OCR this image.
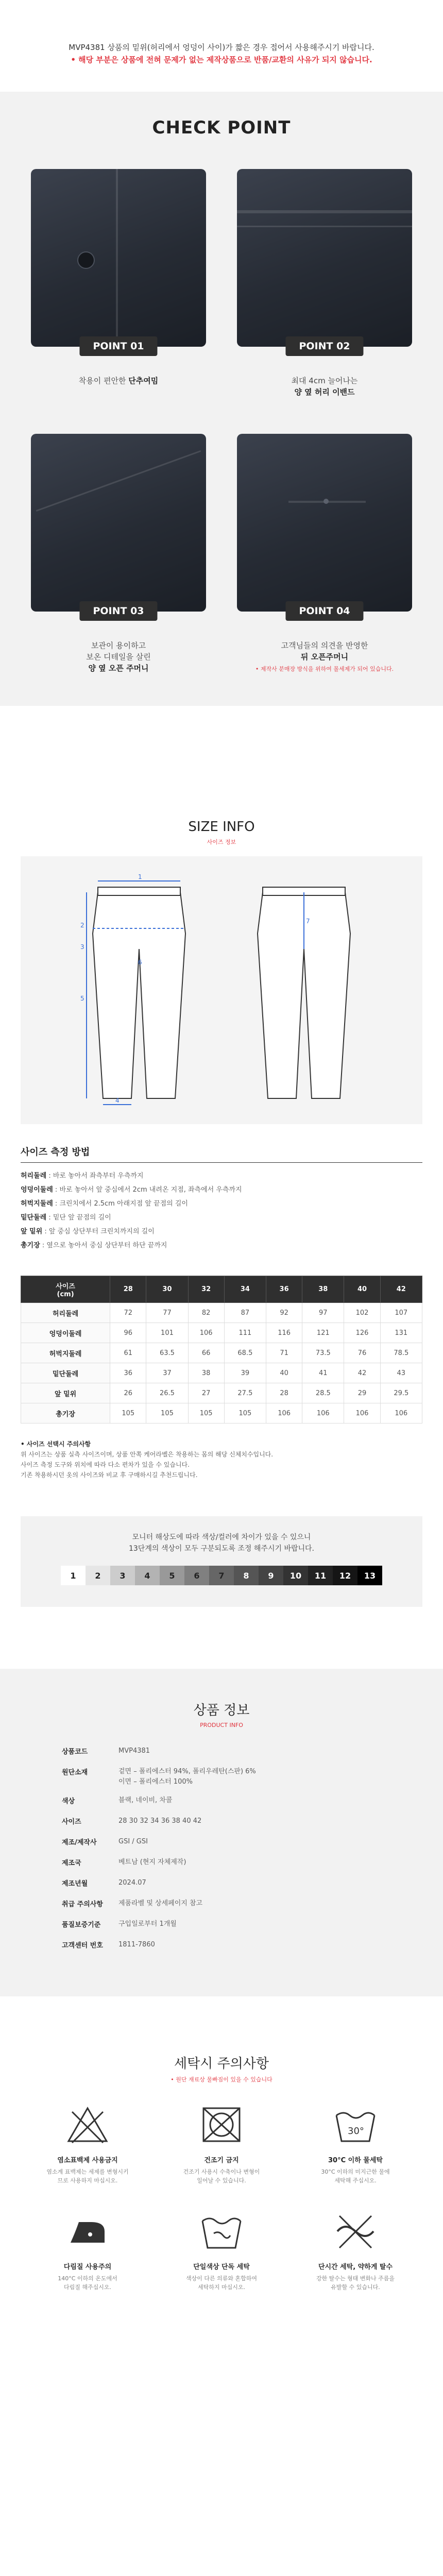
MVP4381 상품의 밑위(허리에서 엉덩이 사이)가 짧은 경우 접어서 사용해주시기 바랍니다.

• 해당 부분은 상품에 전혀 문제가 없는 제작상품으로 반품/교환의 사유가 되지 않습니다.

CHECK POINT
POINT 01
착용이 편안한 단추여밈
POINT 02
최대 4cm 늘어나는
양 옆 허리 이밴드
POINT 03
보관이 용이하고
보온 디테일을 살린
양 옆 오픈 주머니
POINT 04
고객님들의 의견을 반영한
뒤 오픈주머니
• 제작사 분매장 방식을 위하여 몰세제가 되어 있습니다.
SIZE INFO
사이즈 정보
1
2
3
4
5
6
7
사이즈 측정 방법

허리둘레 : 바로 놓아서 좌측부터 우측까지

엉덩이둘레 : 바로 놓아서 앞 중심에서 2cm 내려온 지점, 좌측에서 우측까지

허벅지둘레 : 크린치에서 2.5cm 아래지점 앞 끝점의 길이

밑단둘레 : 밑단 앞 끝점의 길이

앞 밑위 : 앞 중심 상단부터 크린치까지의 길이

총기장 : 옆으로 놓아서 중심 상단부터 하단 끝까지

사이즈
(cm)	28	30	32	34	36	38	40	42
허리둘레	72	77	82	87	92	97	102	107
엉덩이둘레	96	101	106	111	116	121	126	131
허벅지둘레	61	63.5	66	68.5	71	73.5	76	78.5
밑단둘레	36	37	38	39	40	41	42	43
앞 밑위	26	26.5	27	27.5	28	28.5	29	29.5
총기장	105	105	105	105	106	106	106	106
• 사이즈 선택시 주의사항
위 사이즈는 상품 실측 사이즈이며, 상품 안쪽 케어라벨은 착용하는 몸의 해당 신체치수입니다.
사이즈 측정 도구와 위치에 따라 다소 편차가 있을 수 있습니다.
기존 착용하시던 옷의 사이즈와 비교 후 구매하시길 추천드립니다.

모니터 해상도에 따라 색상/컬러에 차이가 있을 수 있으니

13단계의 색상이 모두 구분되도록 조정 해주시기 바랍니다.

1	2	3	4	5	6	7	8	9	10	11	12	13
상품 정보
PRODUCT INFO
상품코드	MVP4381
원단소재	겉면 – 폴리에스터 94%, 폴리우레탄(스판) 6%
이면 – 폴리에스터 100%
색상	블랙, 네이비, 차콜
사이즈	28 30 32 34 36 38 40 42
제조/제작사	GSI / GSI
제조국	베트남 (현지 자체제작)
제조년월	2024.07
취급 주의사항	제품라벨 및 상세페이지 참고
품질보증기준	구입일로부터 1개월
고객센터 번호	1811-7860
세탁시 주의사항
• 원단 재료상 물빠짐이 있을 수 있습니다
염소표백제 사용금지
염소계 표백제는 세제를 변형시키
므로 사용하지 마십시오.
건조기 금지
건조기 사용시 수축이나 변형이
일어날 수 있습니다.
30°
30°C 이하 물세탁
30°C 이하의 미지근한 물에
세탁해 주십시오.
다림질 사용주의
140°C 이하의 온도에서
다림질 해주십시오.
단일색상 단독 세탁
색상이 다른 의류와 혼합하여
세탁하지 마십시오.
단시간 세탁, 약하게 탈수
강한 탈수는 형태 변화나 주름을
유발할 수 있습니다.
